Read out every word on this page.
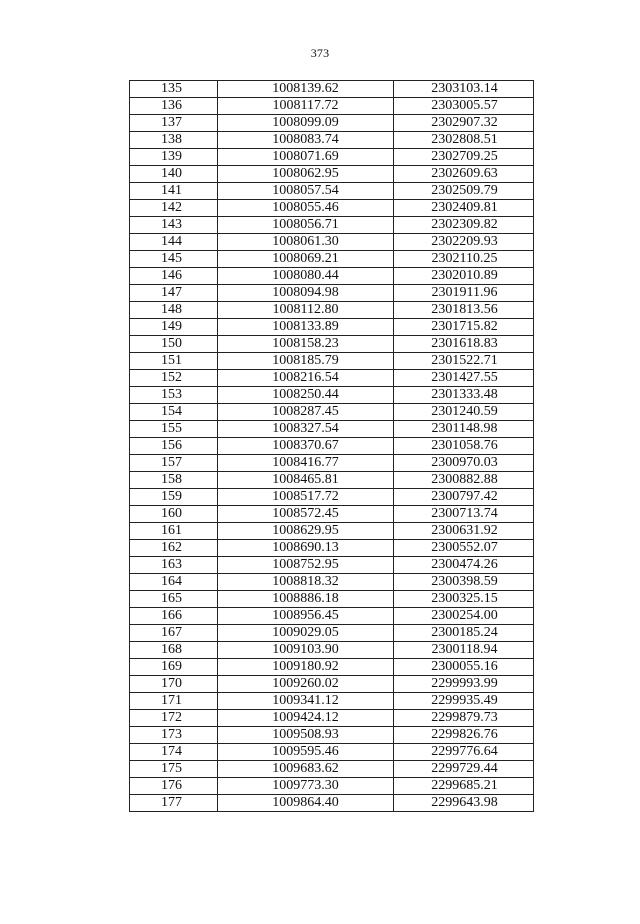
373
135	1008139.62	2303103.14
136	1008117.72	2303005.57
137	1008099.09	2302907.32
138	1008083.74	2302808.51
139	1008071.69	2302709.25
140	1008062.95	2302609.63
141	1008057.54	2302509.79
142	1008055.46	2302409.81
143	1008056.71	2302309.82
144	1008061.30	2302209.93
145	1008069.21	2302110.25
146	1008080.44	2302010.89
147	1008094.98	2301911.96
148	1008112.80	2301813.56
149	1008133.89	2301715.82
150	1008158.23	2301618.83
151	1008185.79	2301522.71
152	1008216.54	2301427.55
153	1008250.44	2301333.48
154	1008287.45	2301240.59
155	1008327.54	2301148.98
156	1008370.67	2301058.76
157	1008416.77	2300970.03
158	1008465.81	2300882.88
159	1008517.72	2300797.42
160	1008572.45	2300713.74
161	1008629.95	2300631.92
162	1008690.13	2300552.07
163	1008752.95	2300474.26
164	1008818.32	2300398.59
165	1008886.18	2300325.15
166	1008956.45	2300254.00
167	1009029.05	2300185.24
168	1009103.90	2300118.94
169	1009180.92	2300055.16
170	1009260.02	2299993.99
171	1009341.12	2299935.49
172	1009424.12	2299879.73
173	1009508.93	2299826.76
174	1009595.46	2299776.64
175	1009683.62	2299729.44
176	1009773.30	2299685.21
177	1009864.40	2299643.98
